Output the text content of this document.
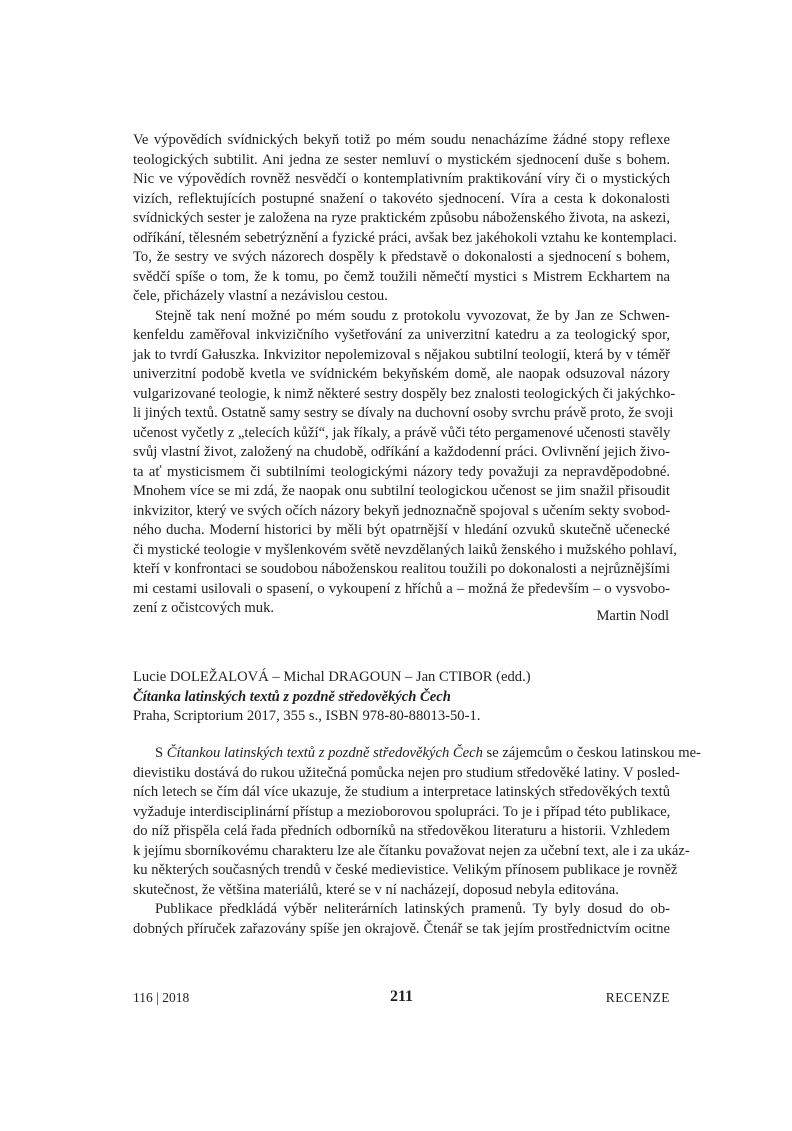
Ve výpovědích svídnických bekyň totiž po mém soudu nenacházíme žádné stopy reflexe
teologických subtilit. Ani jedna ze sester nemluví o mystickém sjednocení duše s bohem.
Nic ve výpovědích rovněž nesvědčí o kontemplativním praktikování víry či o mystických
vizích, reflektujících postupné snažení o takovéto sjednocení. Víra a cesta k dokonalosti
svídnických sester je založena na ryze praktickém způsobu náboženského života, na askezi,
odříkání, tělesném sebetrýznění a fyzické práci, avšak bez jakéhokoli vztahu ke kontemplaci.
To, že sestry ve svých názorech dospěly k představě o dokonalosti a sjednocení s bohem,
svědčí spíše o tom, že k tomu, po čemž toužili němečtí mystici s Mistrem Eckhartem na
čele, přicházely vlastní a nezávislou cestou.
Stejně tak není možné po mém soudu z protokolu vyvozovat, že by Jan ze Schwen-
kenfeldu zaměřoval inkvizičního vyšetřování za univerzitní katedru a za teologický spor,
jak to tvrdí Gałuszka. Inkvizitor nepolemizoval s nějakou subtilní teologií, která by v téměř
univerzitní podobě kvetla ve svídnickém bekyňském domě, ale naopak odsuzoval názory
vulgarizované teologie, k nimž některé sestry dospěly bez znalosti teologických či jakýchko-
li jiných textů. Ostatně samy sestry se dívaly na duchovní osoby svrchu právě proto, že svoji
učenost vyčetly z „telecích kůží“, jak říkaly, a právě vůči této pergamenové učenosti stavěly
svůj vlastní život, založený na chudobě, odříkání a každodenní práci. Ovlivnění jejich živo-
ta ať mysticismem či subtilními teologickými názory tedy považuji za nepravděpodobné.
Mnohem více se mi zdá, že naopak onu subtilní teologickou učenost se jim snažil přisoudit
inkvizitor, který ve svých očích názory bekyň jednoznačně spojoval s učením sekty svobod-
ného ducha. Moderní historici by měli být opatrnější v hledání ozvuků skutečně učenecké
či mystické teologie v myšlenkovém světě nevzdělaných laiků ženského i mužského pohlaví,
kteří v konfrontaci se soudobou náboženskou realitou toužili po dokonalosti a nejrůznějšími
mi cestami usilovali o spasení, o vykoupení z hříchů a – možná že především – o vysvobo-
zení z očistcových muk.	Martin Nodl
Lucie DOLEŽALOVÁ – Michal DRAGOUN – Jan CTIBOR (edd.)
Čítanka latinských textů z pozdně středověkých Čech
Praha, Scriptorium 2017, 355 s., ISBN 978-80-88013-50-1.
S Čítankou latinských textů z pozdně středověkých Čech se zájemcům o českou latinskou me-
dievistiku dostává do rukou užitečná pomůcka nejen pro studium středověké latiny. V posled-
ních letech se čím dál více ukazuje, že studium a interpretace latinských středověkých textů
vyžaduje interdisciplinární přístup a mezioborovou spolupráci. To je i případ této publikace,
do níž přispěla celá řada předních odborníků na středověkou literaturu a historii. Vzhledem
k jejímu sborníkovému charakteru lze ale čítanku považovat nejen za učební text, ale i za ukáz-
ku některých současných trendů v české medievistice. Velikým přínosem publikace je rovněž
skutečnost, že většina materiálů, které se v ní nacházejí, doposud nebyla editována.
Publikace předkládá výběr neliterárních latinských pramenů. Ty byly dosud do ob-
dobných příruček zařazovány spíše jen okrajově. Čtenář se tak jejím prostřednictvím ocitne
116 | 2018	211	RECENZE
